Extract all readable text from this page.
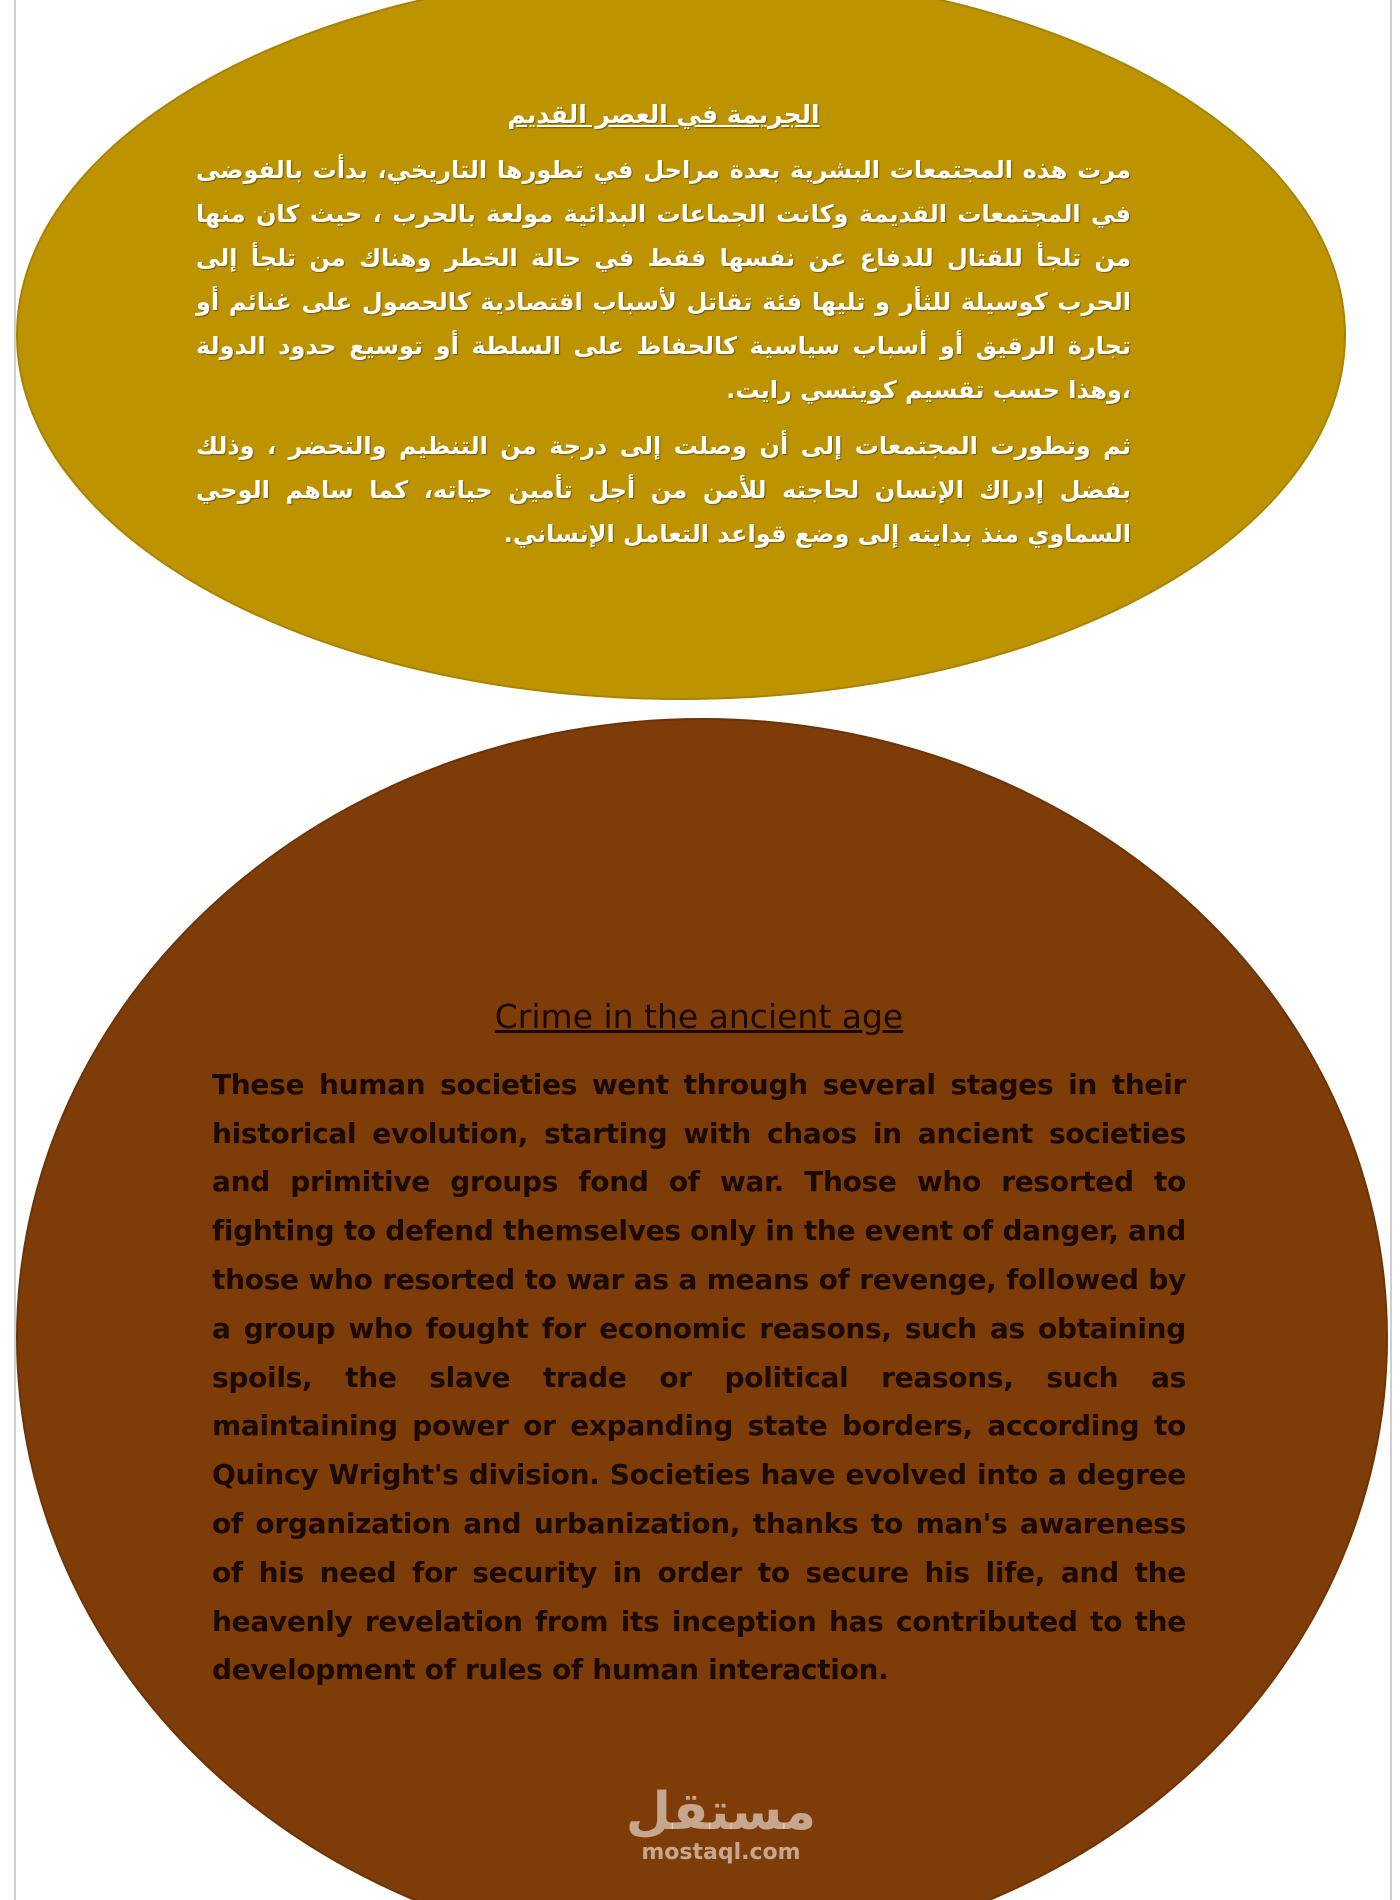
الجريمة في العصر القديم

مرت هذه المجتمعات البشرية بعدة مراحل في تطورها التاريخي، بدأت بالفوضى في المجتمعات القديمة وكانت الجماعات البدائية مولعة بالحرب ، حيث كان منها من تلجأ للقتال للدفاع عن نفسها فقط في حالة الخطر وهناك من تلجأ إلى الحرب كوسيلة للثأر و تليها فئة تقاتل لأسباب اقتصادية كالحصول على غنائم أو تجارة الرقيق أو أسباب سياسية كالحفاظ على السلطة أو توسيع حدود الدولة ،وهذا حسب تقسيم كوينسي رايت.

ثم وتطورت المجتمعات إلى أن وصلت إلى درجة من التنظيم والتحضر ، وذلك بفضل إدراك الإنسان لحاجته للأمن من أجل تأمين حياته، كما ساهم الوحي السماوي منذ بدايته إلى وضع قواعد التعامل الإنساني.

Crime in the ancient age

These human societies went through several stages in their historical evolution, starting with chaos in ancient societies and primitive groups fond of war. Those who resorted to fighting to defend themselves only in the event of danger, and those who resorted to war as a means of revenge, followed by a group who fought for economic reasons, such as obtaining spoils, the slave trade or political reasons, such as maintaining power or expanding state borders, according to Quincy Wright's division. Societies have evolved into a degree of organization and urbanization, thanks to man's awareness of his need for security in order to secure his life, and the heavenly revelation from its inception has contributed to the development of rules of human interaction.

مستقل
mostaql.com
